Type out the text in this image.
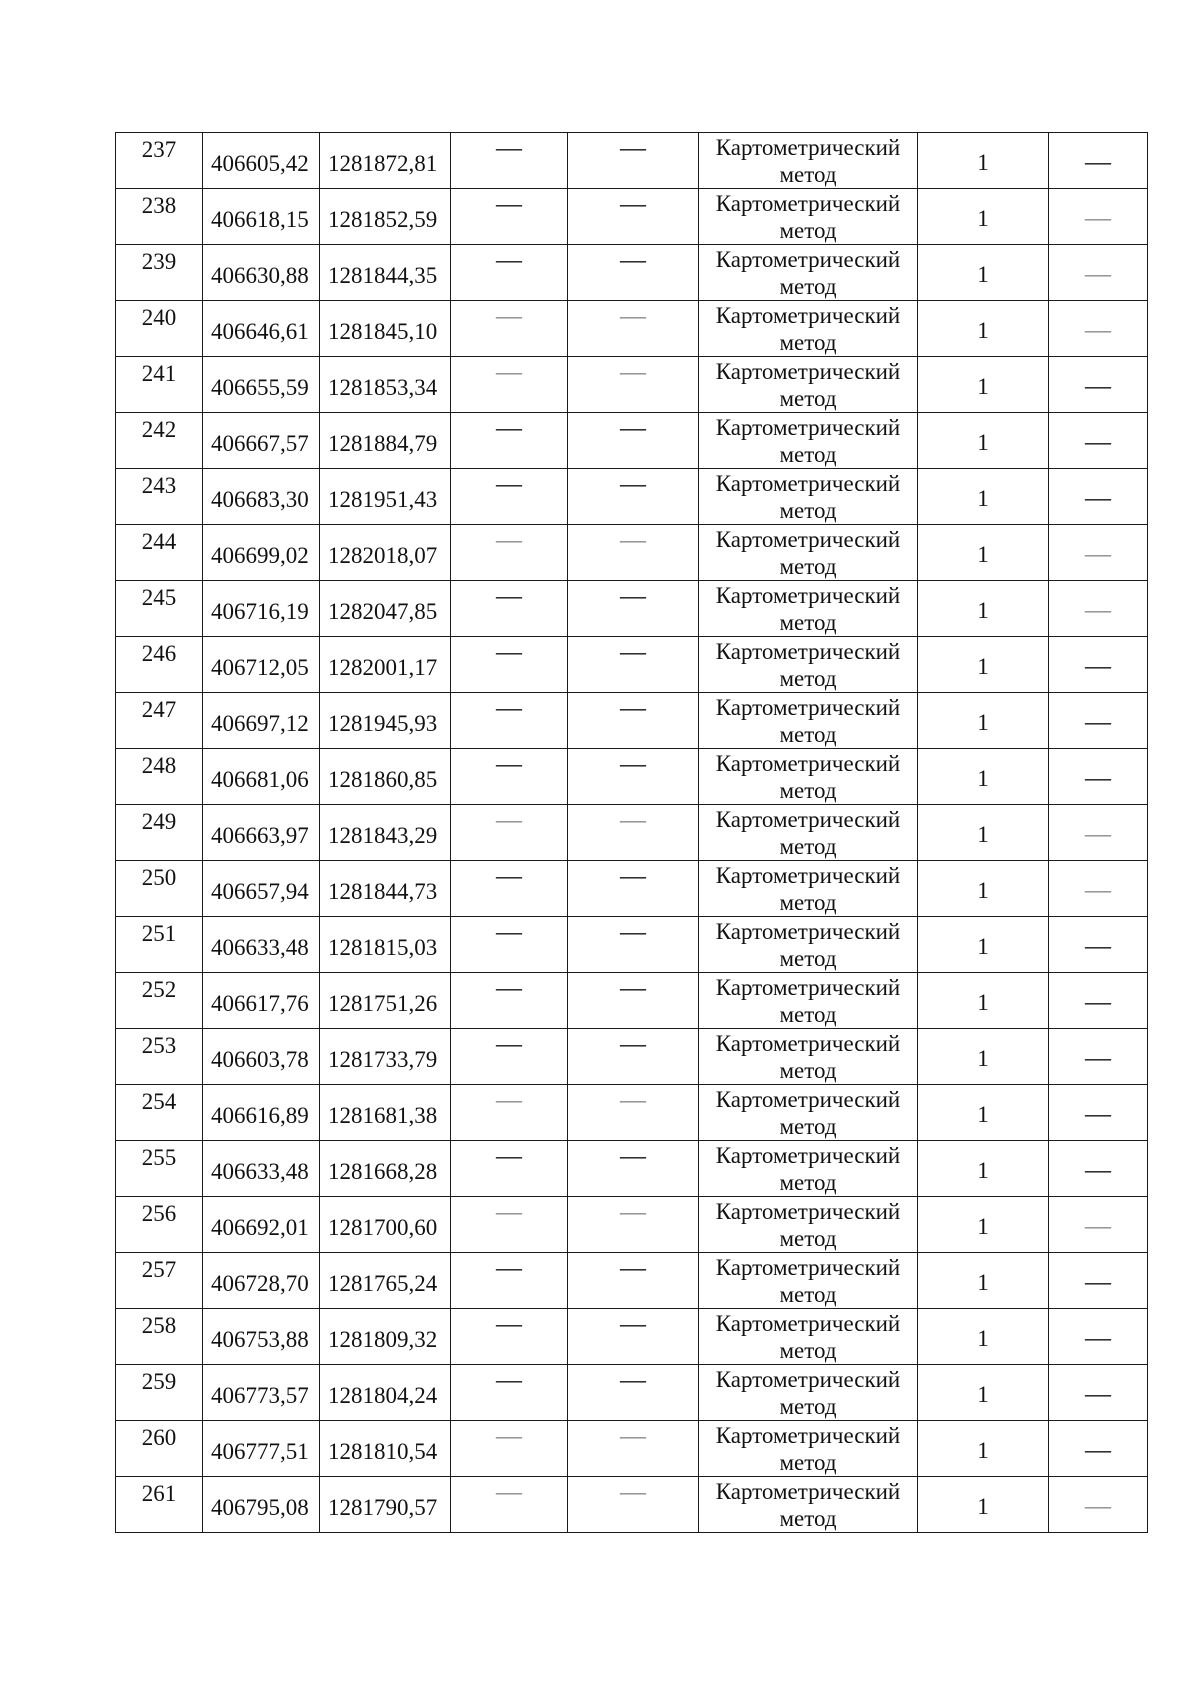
237	406605,42	1281872,81	—	—	Картометрический
метод	1	—
238	406618,15	1281852,59	—	—	Картометрический
метод	1	—
239	406630,88	1281844,35	—	—	Картометрический
метод	1	—
240	406646,61	1281845,10	—	—	Картометрический
метод	1	—
241	406655,59	1281853,34	—	—	Картометрический
метод	1	—
242	406667,57	1281884,79	—	—	Картометрический
метод	1	—
243	406683,30	1281951,43	—	—	Картометрический
метод	1	—
244	406699,02	1282018,07	—	—	Картометрический
метод	1	—
245	406716,19	1282047,85	—	—	Картометрический
метод	1	—
246	406712,05	1282001,17	—	—	Картометрический
метод	1	—
247	406697,12	1281945,93	—	—	Картометрический
метод	1	—
248	406681,06	1281860,85	—	—	Картометрический
метод	1	—
249	406663,97	1281843,29	—	—	Картометрический
метод	1	—
250	406657,94	1281844,73	—	—	Картометрический
метод	1	—
251	406633,48	1281815,03	—	—	Картометрический
метод	1	—
252	406617,76	1281751,26	—	—	Картометрический
метод	1	—
253	406603,78	1281733,79	—	—	Картометрический
метод	1	—
254	406616,89	1281681,38	—	—	Картометрический
метод	1	—
255	406633,48	1281668,28	—	—	Картометрический
метод	1	—
256	406692,01	1281700,60	—	—	Картометрический
метод	1	—
257	406728,70	1281765,24	—	—	Картометрический
метод	1	—
258	406753,88	1281809,32	—	—	Картометрический
метод	1	—
259	406773,57	1281804,24	—	—	Картометрический
метод	1	—
260	406777,51	1281810,54	—	—	Картометрический
метод	1	—
261	406795,08	1281790,57	—	—	Картометрический
метод	1	—
